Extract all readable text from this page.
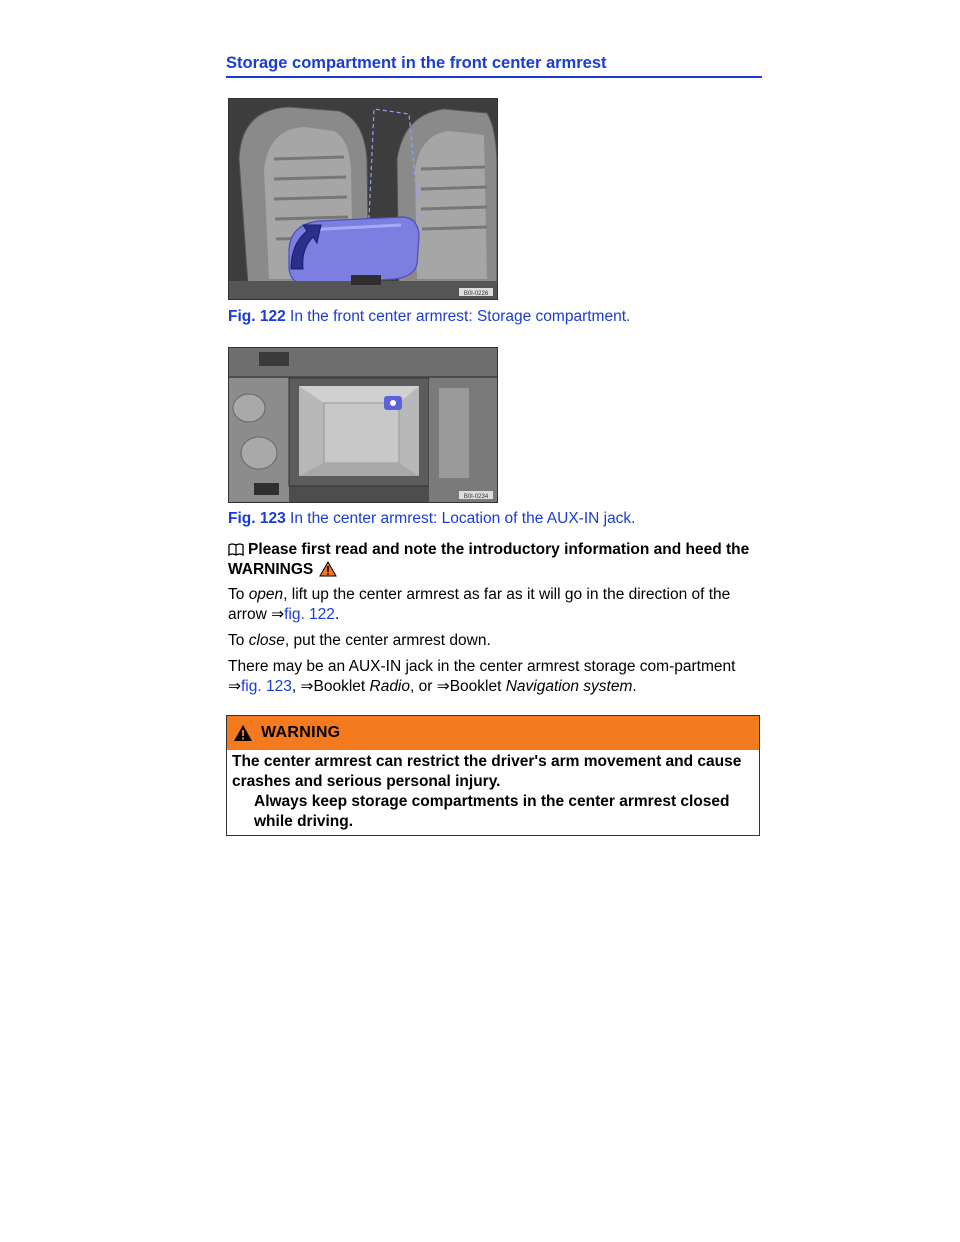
Storage compartment in the front center armrest
B0I-0226
Fig. 122 In the front center armrest: Storage compartment.
B0I-0234
Fig. 123 In the center armrest: Location of the AUX-IN jack.
Please first read and note the introductory information and heed the WARNINGS
To open, lift up the center armrest as far as it will go in the direction of the arrow ⇒fig. 122.
To close, put the center armrest down.
There may be an AUX-IN jack in the center armrest storage com-partment ⇒fig. 123, ⇒Booklet Radio, or ⇒Booklet Navigation system.
WARNING
The center armrest can restrict the driver's arm movement and cause crashes and serious personal injury.
Always keep storage compartments in the center armrest closed while driving.
